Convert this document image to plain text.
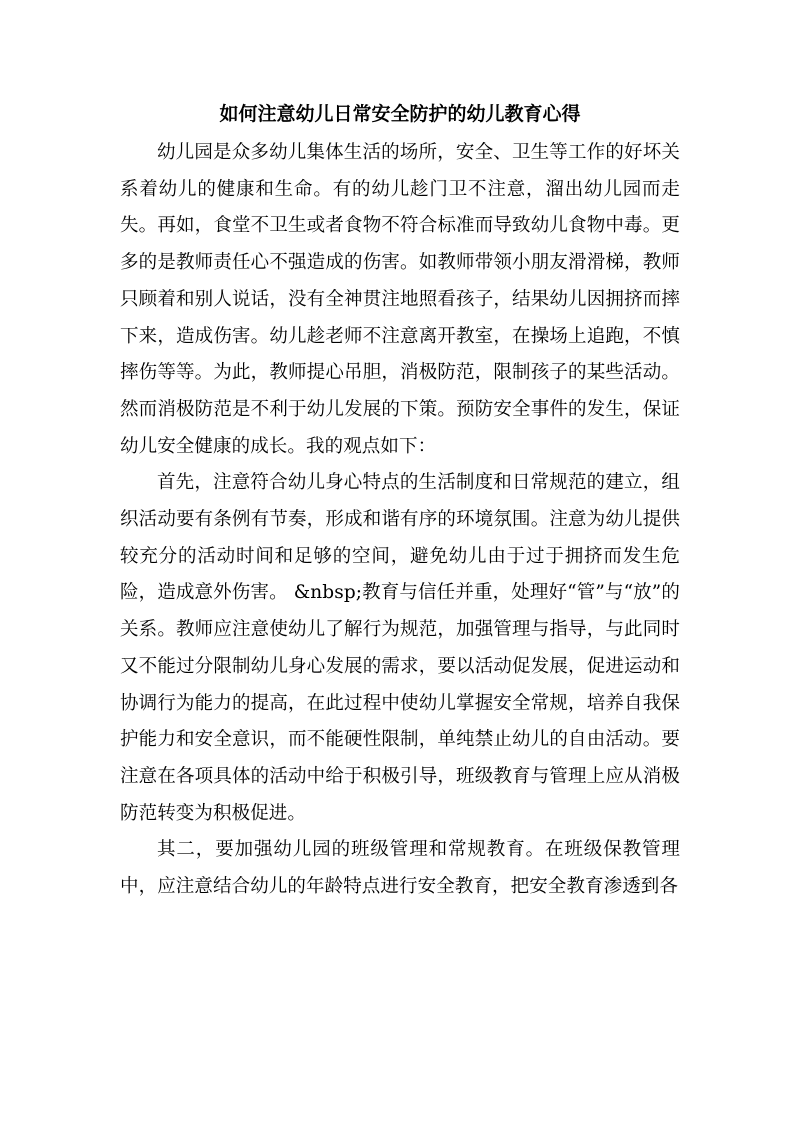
如何注意幼儿日常安全防护的幼儿教育心得

幼儿园是众多幼儿集体生活的场所，安全、卫生等工作的好坏关系着幼儿的健康和生命。有的幼儿趁门卫不注意，溜出幼儿园而走失。再如，食堂不卫生或者食物不符合标准而导致幼儿食物中毒。更多的是教师责任心不强造成的伤害。如教师带领小朋友滑滑梯，教师只顾着和别人说话，没有全神贯注地照看孩子，结果幼儿因拥挤而摔下来，造成伤害。幼儿趁老师不注意离开教室，在操场上追跑，不慎摔伤等等。为此，教师提心吊胆，消极防范，限制孩子的某些活动。然而消极防范是不利于幼儿发展的下策。预防安全事件的发生，保证幼儿安全健康的成长。我的观点如下：

首先，注意符合幼儿身心特点的生活制度和日常规范的建立，组织活动要有条例有节奏，形成和谐有序的环境氛围。注意为幼儿提供较充分的活动时间和足够的空间，避免幼儿由于过于拥挤而发生危险，造成意外伤害。 &nbsp;教育与信任并重，处理好“管”与“放”的关系。教师应注意使幼儿了解行为规范，加强管理与指导，与此同时又不能过分限制幼儿身心发展的需求，要以活动促发展，促进运动和协调行为能力的提高，在此过程中使幼儿掌握安全常规，培养自我保护能力和安全意识，而不能硬性限制，单纯禁止幼儿的自由活动。要注意在各项具体的活动中给于积极引导，班级教育与管理上应从消极防范转变为积极促进。

其二，要加强幼儿园的班级管理和常规教育。在班级保教管理中，应注意结合幼儿的年龄特点进行安全教育，把安全教育渗透到各
